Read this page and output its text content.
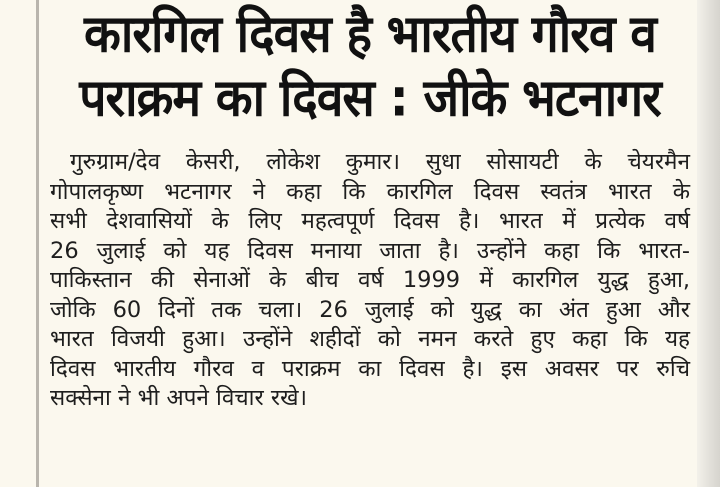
कारगिल दिवस है भारतीय गौरव व
पराक्रम का दिवस : जीके भटनागर
गुरुग्राम/देव केसरी, लोकेश कुमार। सुधा सोसायटी के चेयरमैन
गोपालकृष्ण भटनागर ने कहा कि कारगिल दिवस स्वतंत्र भारत के
सभी देशवासियों के लिए महत्वपूर्ण दिवस है। भारत में प्रत्येक वर्ष
26 जुलाई को यह दिवस मनाया जाता है। उन्होंने कहा कि भारत-
पाकिस्तान की सेनाओं के बीच वर्ष 1999 में कारगिल युद्ध हुआ,
जोकि 60 दिनों तक चला। 26 जुलाई को युद्ध का अंत हुआ और
भारत विजयी हुआ। उन्होंने शहीदों को नमन करते हुए कहा कि यह
दिवस भारतीय गौरव व पराक्रम का दिवस है। इस अवसर पर रुचि
सक्सेना ने भी अपने विचार रखे।
